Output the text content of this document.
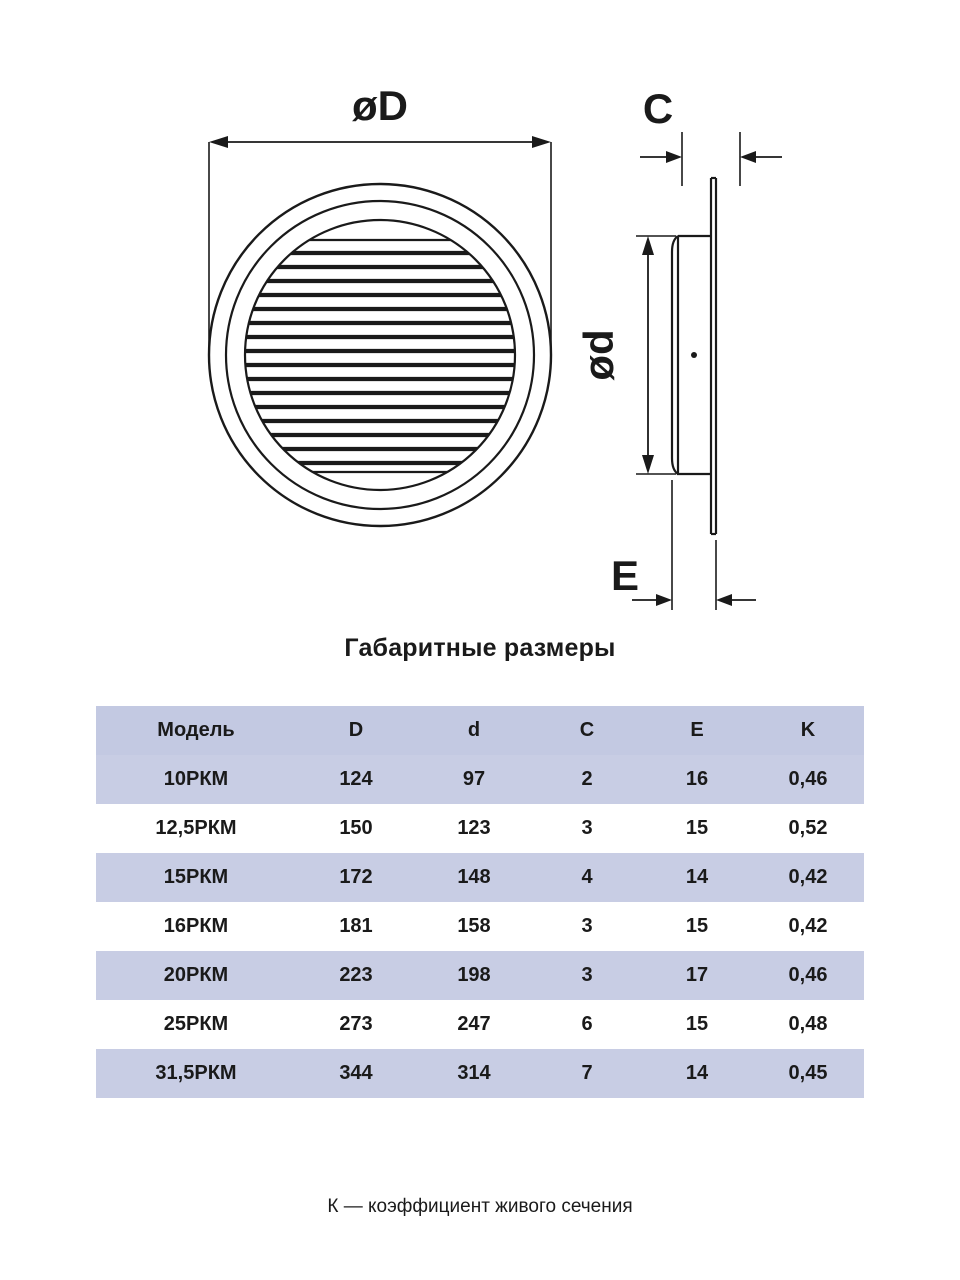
øD	C
ød
E
Габаритные размеры
Модель	D	d	C	E	K
10РКМ	124	97	2	16	0,46
12,5РКМ	150	123	3	15	0,52
15РКМ	172	148	4	14	0,42
16РКМ	181	158	3	15	0,42
20РКМ	223	198	3	17	0,46
25РКМ	273	247	6	15	0,48
31,5РКМ	344	314	7	14	0,45
К — коэффициент живого сечения
